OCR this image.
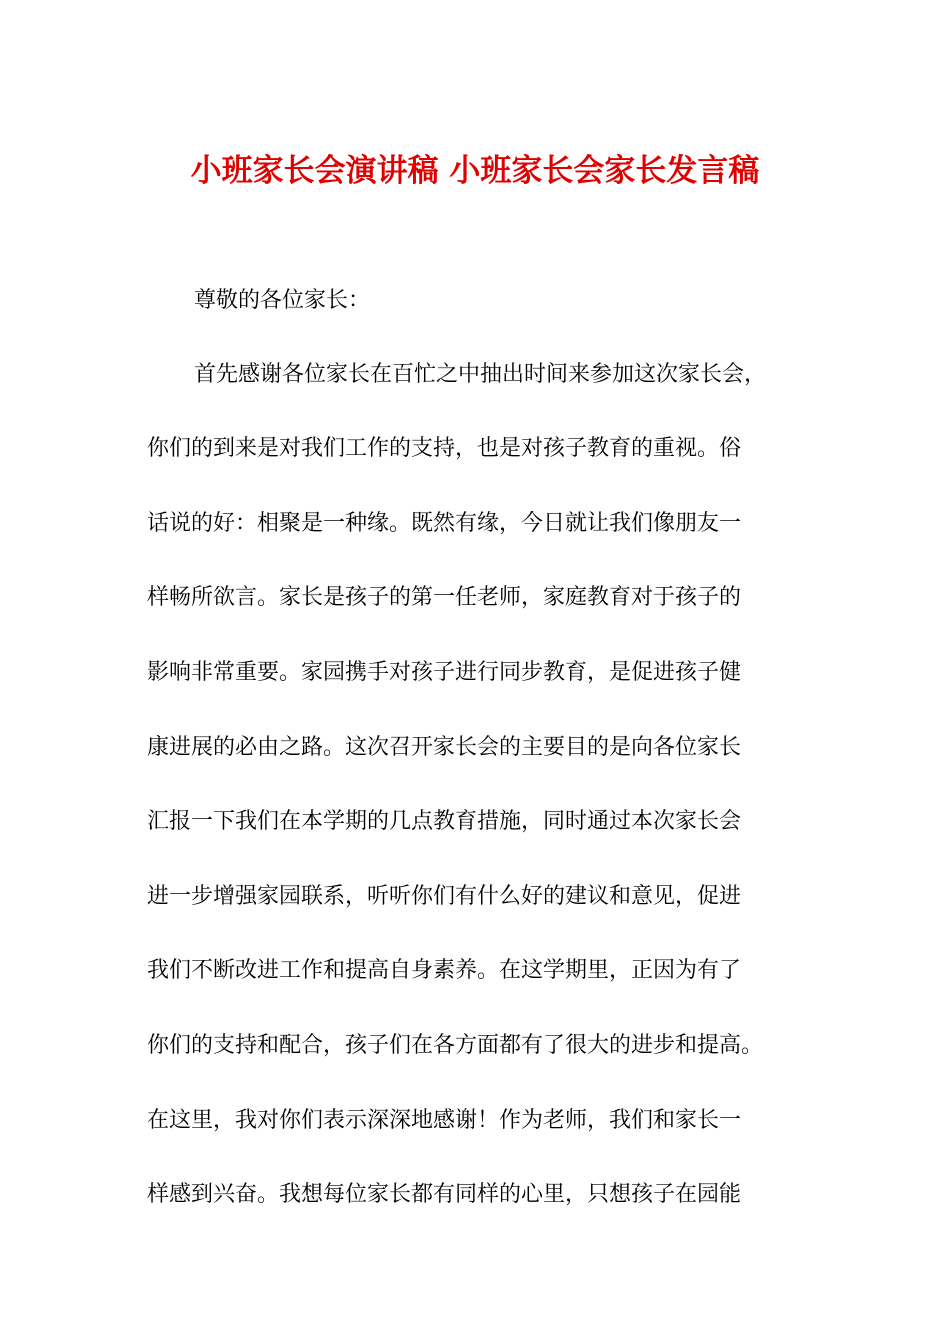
小班家长会演讲稿 小班家长会家长发言稿

尊敬的各位家长：

首先感谢各位家长在百忙之中抽出时间来参加这次家长会，

你们的到来是对我们工作的支持，也是对孩子教育的重视。俗

话说的好：相聚是一种缘。既然有缘，今日就让我们像朋友一

样畅所欲言。家长是孩子的第一任老师，家庭教育对于孩子的

影响非常重要。家园携手对孩子进行同步教育，是促进孩子健

康进展的必由之路。这次召开家长会的主要目的是向各位家长

汇报一下我们在本学期的几点教育措施，同时通过本次家长会

进一步增强家园联系，听听你们有什么好的建议和意见，促进

我们不断改进工作和提高自身素养。在这学期里，正因为有了

你们的支持和配合，孩子们在各方面都有了很大的进步和提高。

在这里，我对你们表示深深地感谢！作为老师，我们和家长一

样感到兴奋。我想每位家长都有同样的心里，只想孩子在园能
